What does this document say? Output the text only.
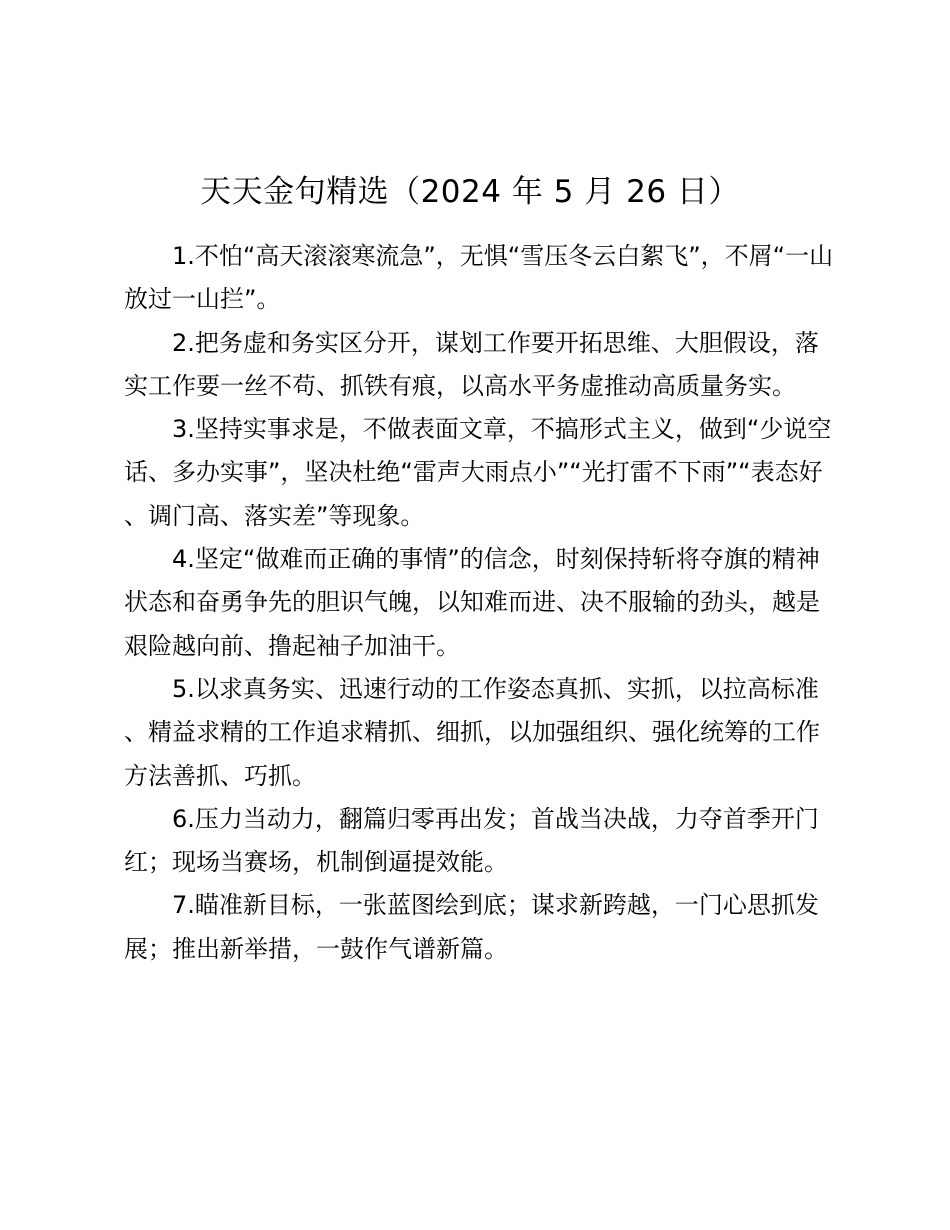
天天金句精选（2024 年 5 月 26 日）

1.不怕“高天滚滚寒流急”，无惧“雪压冬云白絮飞”，不屑“一山放过一山拦”。

2.把务虚和务实区分开，谋划工作要开拓思维、大胆假设，落实工作要一丝不苟、抓铁有痕，以高水平务虚推动高质量务实。

3.坚持实事求是，不做表面文章，不搞形式主义，做到“少说空话、多办实事”，坚决杜绝“雷声大雨点小”“光打雷不下雨”“表态好、调门高、落实差”等现象。

4.坚定“做难而正确的事情”的信念，时刻保持斩将夺旗的精神状态和奋勇争先的胆识气魄，以知难而进、决不服输的劲头，越是艰险越向前、撸起袖子加油干。

5.以求真务实、迅速行动的工作姿态真抓、实抓，以拉高标准、精益求精的工作追求精抓、细抓，以加强组织、强化统筹的工作方法善抓、巧抓。

6.压力当动力，翻篇归零再出发；首战当决战，力夺首季开门红；现场当赛场，机制倒逼提效能。

7.瞄准新目标，一张蓝图绘到底；谋求新跨越，一门心思抓发展；推出新举措，一鼓作气谱新篇。
